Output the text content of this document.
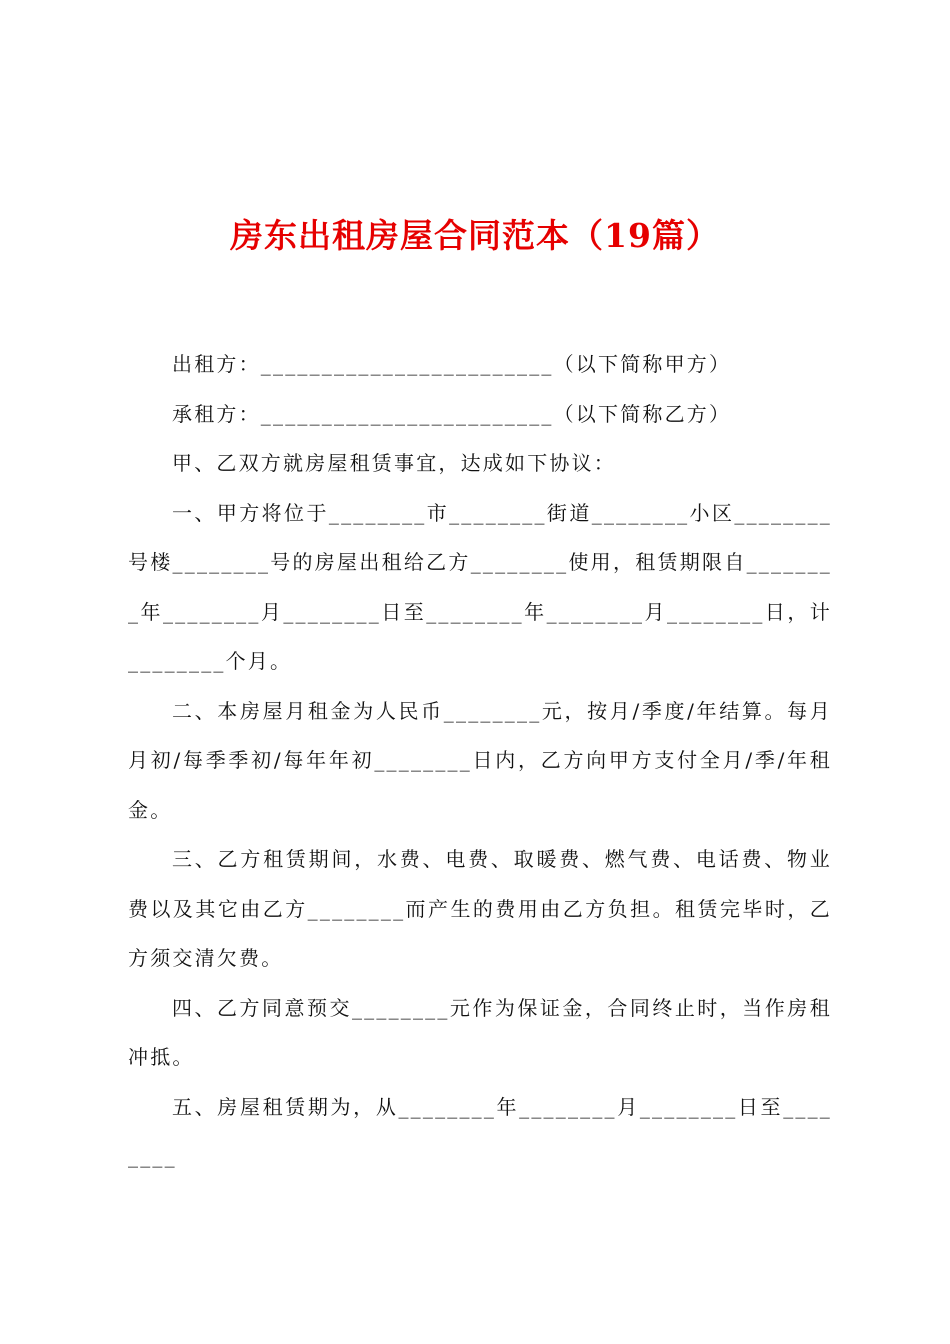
房东出租房屋合同范本（19篇）

出租方：________________________（以下简称甲方）

承租方：________________________（以下简称乙方）

甲、乙双方就房屋租赁事宜，达成如下协议：

一、甲方将位于________市________街道________小区________号楼________号的房屋出租给乙方________使用，租赁期限自________年________月________日至________年________月________日，计________个月。

二、本房屋月租金为人民币________元，按月/季度/年结算。每月月初/每季季初/每年年初________日内，乙方向甲方支付全月/季/年租金。

三、乙方租赁期间，水费、电费、取暖费、燃气费、电话费、物业费以及其它由乙方________而产生的费用由乙方负担。租赁完毕时，乙方须交清欠费。

四、乙方同意预交________元作为保证金，合同终止时，当作房租冲抵。

五、房屋租赁期为，从________年________月________日至________
